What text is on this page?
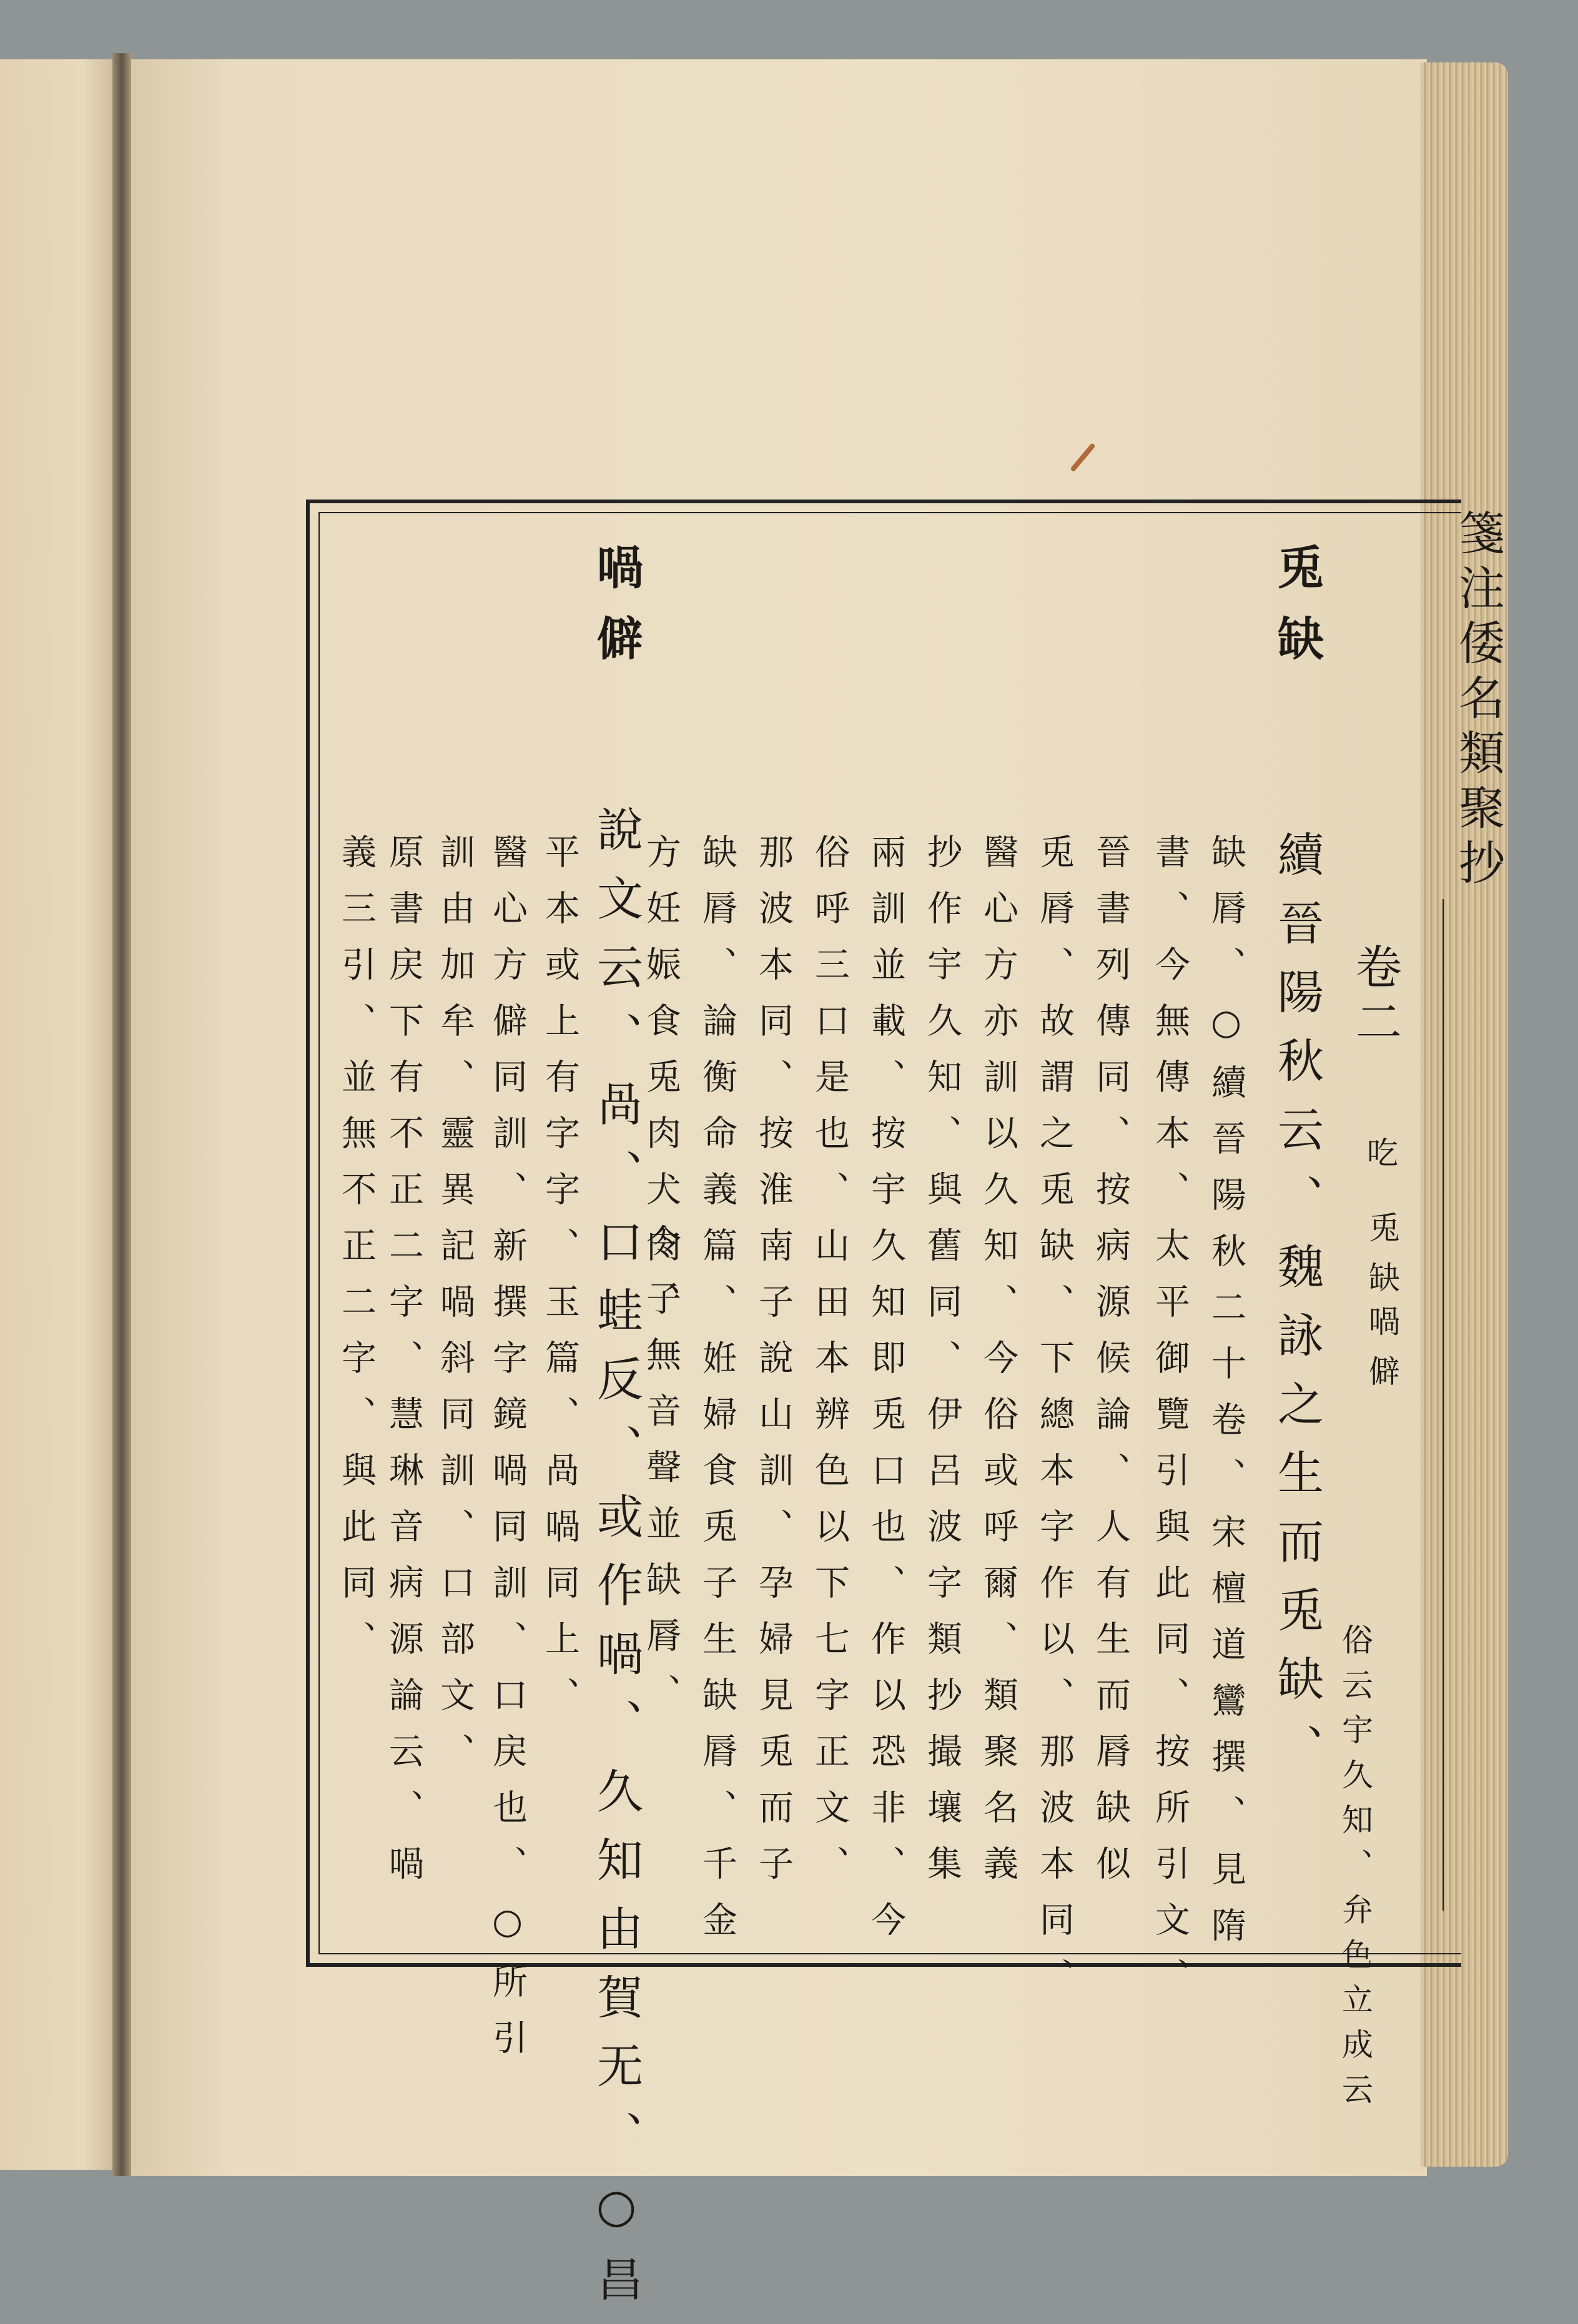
箋注倭名類聚抄
卷二
吃
兎缺
喎僻
兎缺
喎僻
續晉陽秋云、魏詠之生而兎缺、
俗云宇久知、弁色立成云
缺脣、○續晉陽秋二十卷、宋檀道鸞撰、見隋
書、今無傳本、太平御覽引與此同、按所引文、
晉書列傳同、按病源候論、人有生而脣缺似
兎脣、故謂之兎缺、下總本字作以、那波本同、
醫心方亦訓以久知、今俗或呼爾、類聚名義
抄作宇久知、與舊同、伊呂波字類抄撮壤集
兩訓並載、按宇久知即兎口也、作以恐非、今
俗呼三口是也、山田本辨色以下七字正文、
那波本同、按淮南子說山訓、孕婦見兎而子
缺脣、論衡命義篇、姙婦食兎子生缺脣、千金
方妊娠食兎肉犬肉、
令子無音聲並缺脣、
說文云、咼、口蛙反、或作喎、久知由賀无、○昌
平本或上有字字、玉篇、咼喎同上、
醫心方僻同訓、新撰字鏡喎同訓、口戻也、○所引
訓由加牟、靈異記喎斜同訓、口部文、
原書戻下有不正二字、慧琳音病源論云、喎
義三引、並無不正二字、與此同、
